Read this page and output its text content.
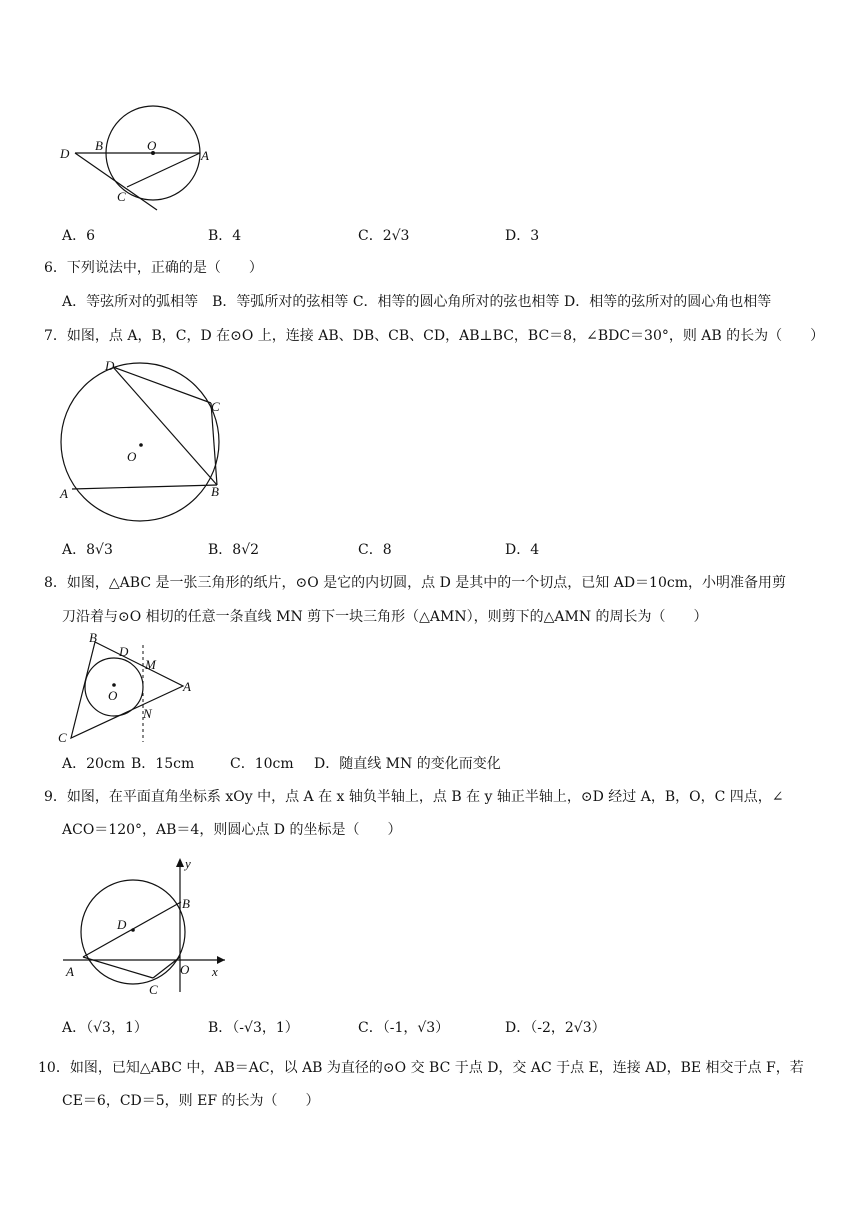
D
B	O
A
C
A．6	B．4	C．2√3	D．3
6．下列说法中，正确的是（　　）
A．等弦所对的弧相等　B．等弧所对的弦相等 C．相等的圆心角所对的弦也相等 D．相等的弦所对的圆心角也相等
7．如图，点 A，B，C，D 在⊙O 上，连接 AB、DB、CB、CD，AB⊥BC，BC＝8，∠BDC＝30°，则 AB 的长为（　　）
D
C
O
A	B
A．8√3	B．8√2	C．8	D．4
8．如图，△ABC 是一张三角形的纸片，⊙O 是它的内切圆，点 D 是其中的一个切点，已知 AD＝10cm，小明准备用剪
刀沿着与⊙O 相切的任意一条直线 MN 剪下一块三角形（△AMN），则剪下的△AMN 的周长为（　　）
B
D
M
O
A
N
C
A．20cm B．15cm	C．10cm D．随直线 MN 的变化而变化
9．如图，在平面直角坐标系 xOy 中，点 A 在 x 轴负半轴上，点 B 在 y 轴正半轴上，⊙D 经过 A，B，O，C 四点，∠
ACO＝120°，AB＝4，则圆心点 D 的坐标是（　　）
y
B
D
A	O x
C
A．（√3，1）	B．（-√3，1）	C．（-1，√3）	D．（-2，2√3）
10．如图，已知△ABC 中，AB＝AC，以 AB 为直径的⊙O 交 BC 于点 D，交 AC 于点 E，连接 AD，BE 相交于点 F，若
CE＝6，CD＝5，则 EF 的长为（　　）
